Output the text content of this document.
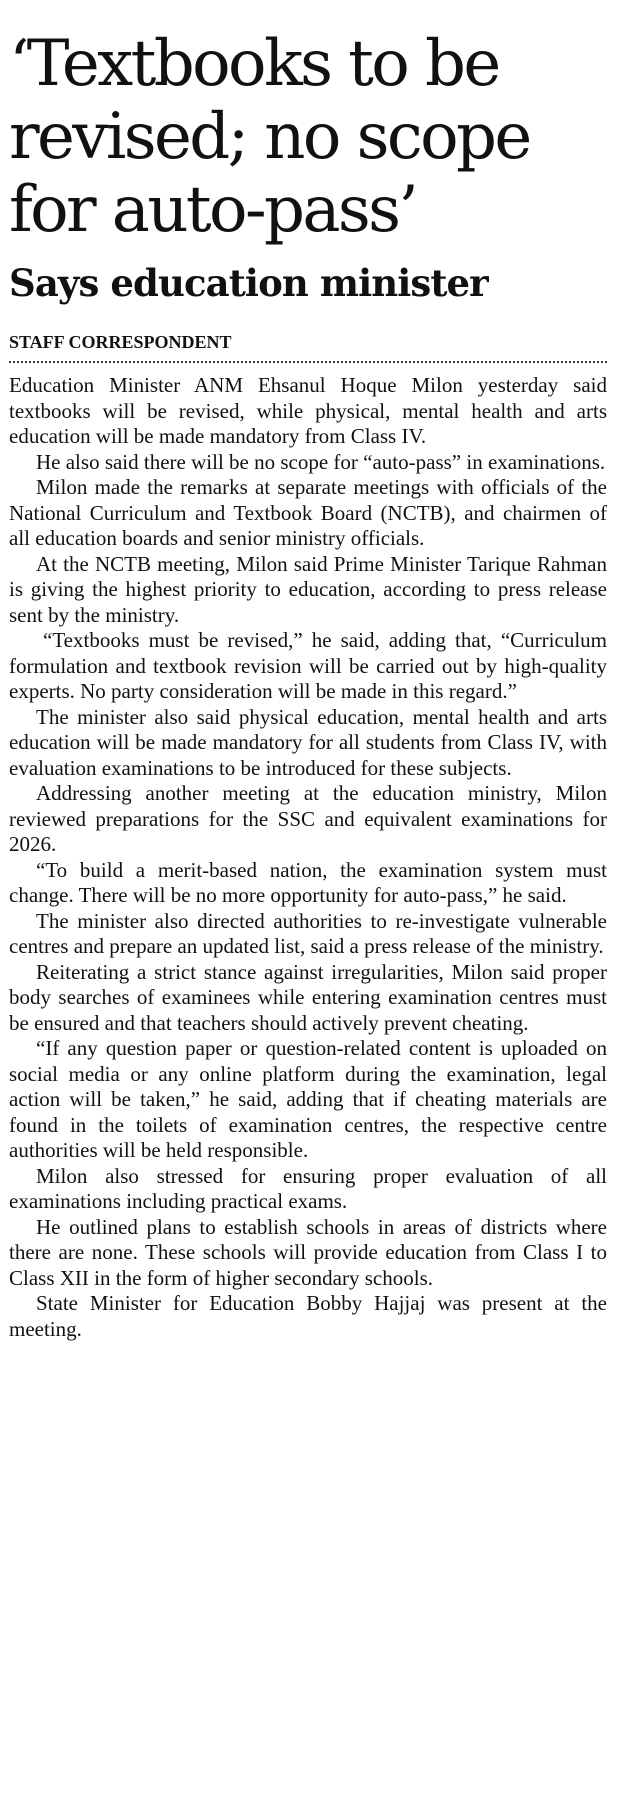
‘Textbooks to be revised; no scope for auto-pass’
Says education minister
STAFF CORRESPONDENT

Education Minister ANM Ehsanul Hoque Milon yesterday said textbooks will be revised, while physical, mental health and arts education will be made mandatory from Class IV.

He also said there will be no scope for “auto-pass” in examinations.

Milon made the remarks at separate meetings with officials of the National Curriculum and Textbook Board (NCTB), and chairmen of all education boards and senior ministry officials.

At the NCTB meeting, Milon said Prime Minister Tarique Rahman is giving the highest priority to education, according to press release sent by the ministry.

“Textbooks must be revised,” he said, adding that, “Curriculum formulation and textbook revision will be carried out by high-quality experts. No party consideration will be made in this regard.”

The minister also said physical education, mental health and arts education will be made mandatory for all students from Class IV, with evaluation examinations to be introduced for these subjects.

Addressing another meeting at the education ministry, Milon reviewed preparations for the SSC and equivalent examinations for 2026.

“To build a merit-based nation, the examination system must change. There will be no more opportunity for auto-pass,” he said.

The minister also directed authorities to re-investigate vulnerable centres and prepare an updated list, said a press release of the ministry.

Reiterating a strict stance against irregularities, Milon said proper body searches of examinees while entering examination centres must be ensured and that teachers should actively prevent cheating.

“If any question paper or question-related content is uploaded on social media or any online platform during the examination, legal action will be taken,” he said, adding that if cheating materials are found in the toilets of examination centres, the respective centre authorities will be held responsible.

Milon also stressed for ensuring proper evaluation of all examinations including practical exams.

He outlined plans to establish schools in areas of districts where there are none. These schools will provide education from Class I to Class XII in the form of higher secondary schools.

State Minister for Education Bobby Hajjaj was present at the meeting.
